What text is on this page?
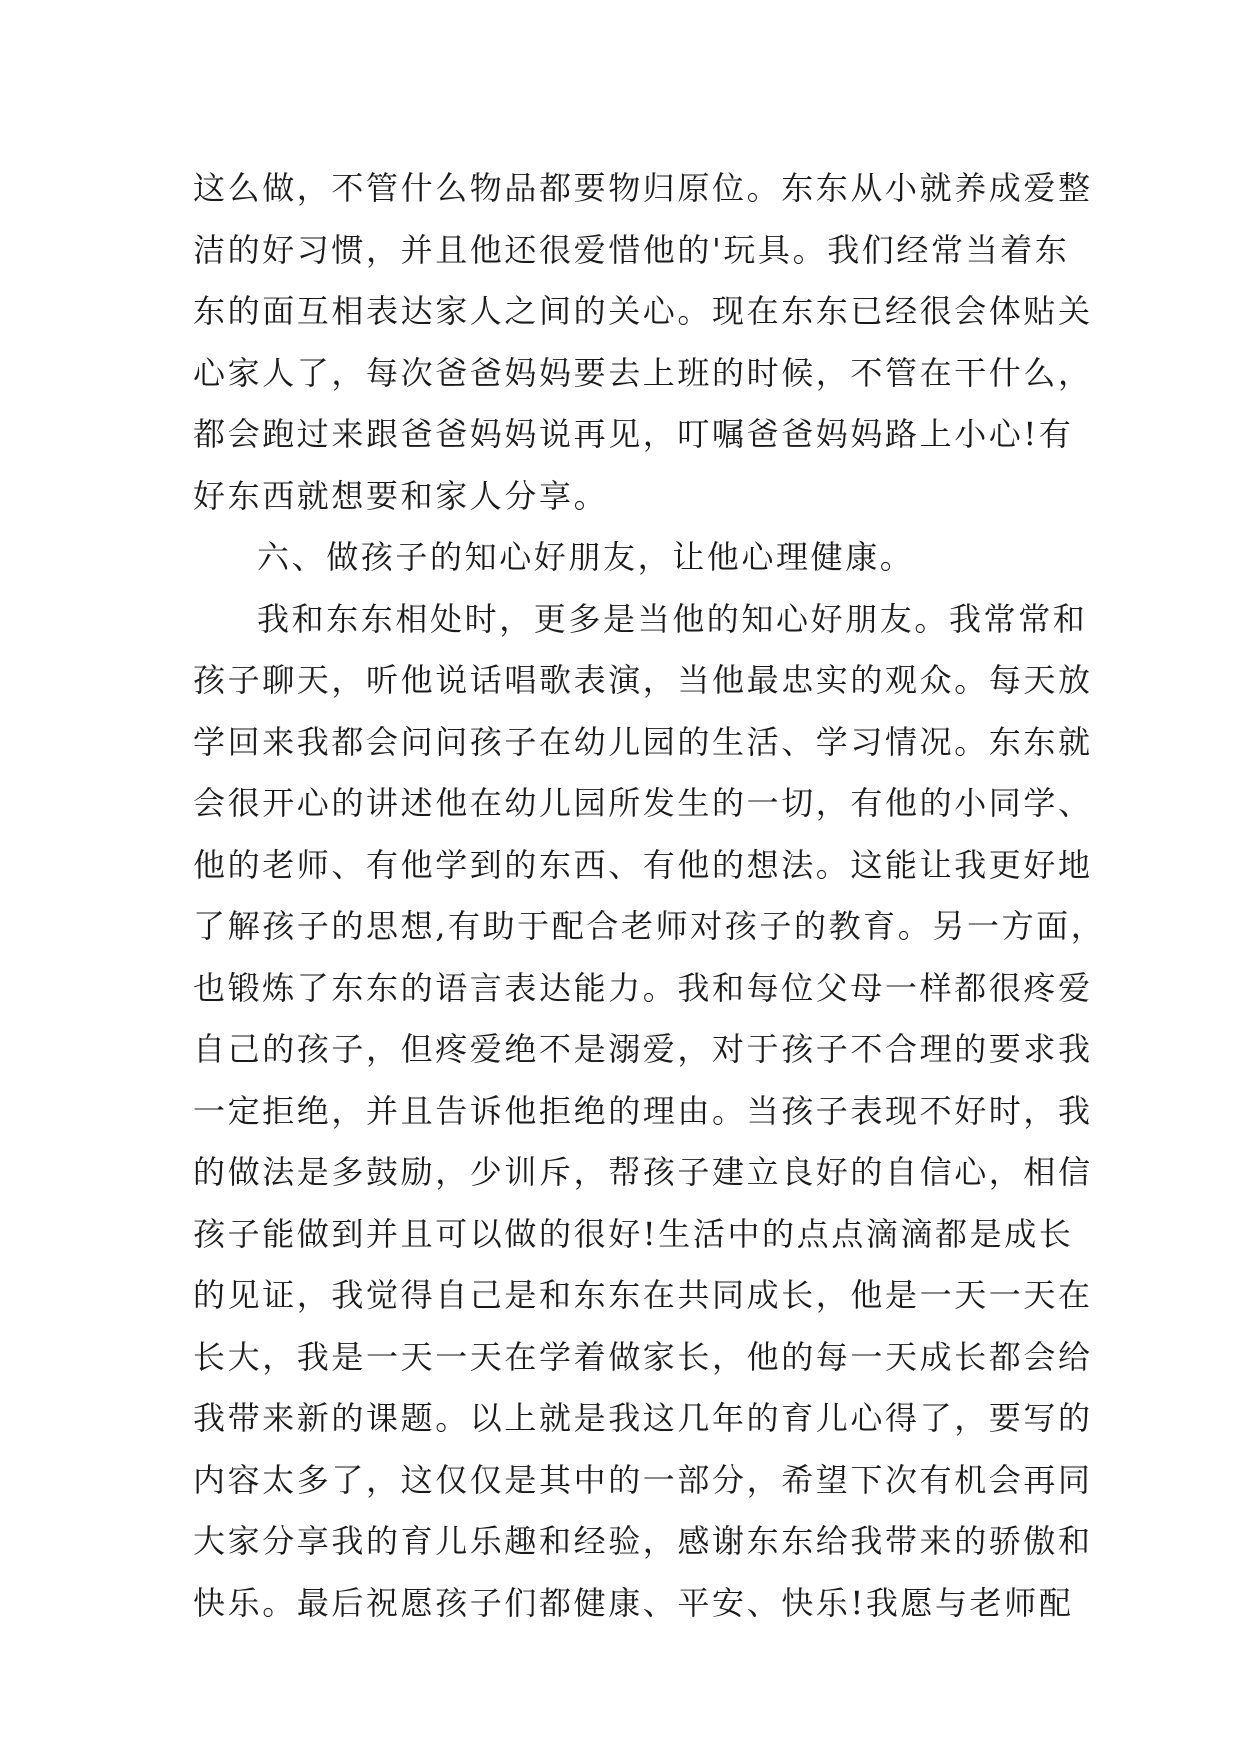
这么做，不管什么物品都要物归原位。东东从小就养成爱整
洁的好习惯，并且他还很爱惜他的'玩具。我们经常当着东
东的面互相表达家人之间的关心。现在东东已经很会体贴关
心家人了，每次爸爸妈妈要去上班的时候，不管在干什么，
都会跑过来跟爸爸妈妈说再见，叮嘱爸爸妈妈路上小心!有
好东西就想要和家人分享。
六、做孩子的知心好朋友，让他心理健康。
我和东东相处时，更多是当他的知心好朋友。我常常和
孩子聊天，听他说话唱歌表演，当他最忠实的观众。每天放
学回来我都会问问孩子在幼儿园的生活、学习情况。东东就
会很开心的讲述他在幼儿园所发生的一切，有他的小同学、
他的老师、有他学到的东西、有他的想法。这能让我更好地
了解孩子的思想,有助于配合老师对孩子的教育。另一方面，
也锻炼了东东的语言表达能力。我和每位父母一样都很疼爱
自己的孩子，但疼爱绝不是溺爱，对于孩子不合理的要求我
一定拒绝，并且告诉他拒绝的理由。当孩子表现不好时，我
的做法是多鼓励，少训斥，帮孩子建立良好的自信心，相信
孩子能做到并且可以做的很好!生活中的点点滴滴都是成长
的见证，我觉得自己是和东东在共同成长，他是一天一天在
长大，我是一天一天在学着做家长，他的每一天成长都会给
我带来新的课题。以上就是我这几年的育儿心得了，要写的
内容太多了，这仅仅是其中的一部分，希望下次有机会再同
大家分享我的育儿乐趣和经验，感谢东东给我带来的骄傲和
快乐。最后祝愿孩子们都健康、平安、快乐!我愿与老师配
